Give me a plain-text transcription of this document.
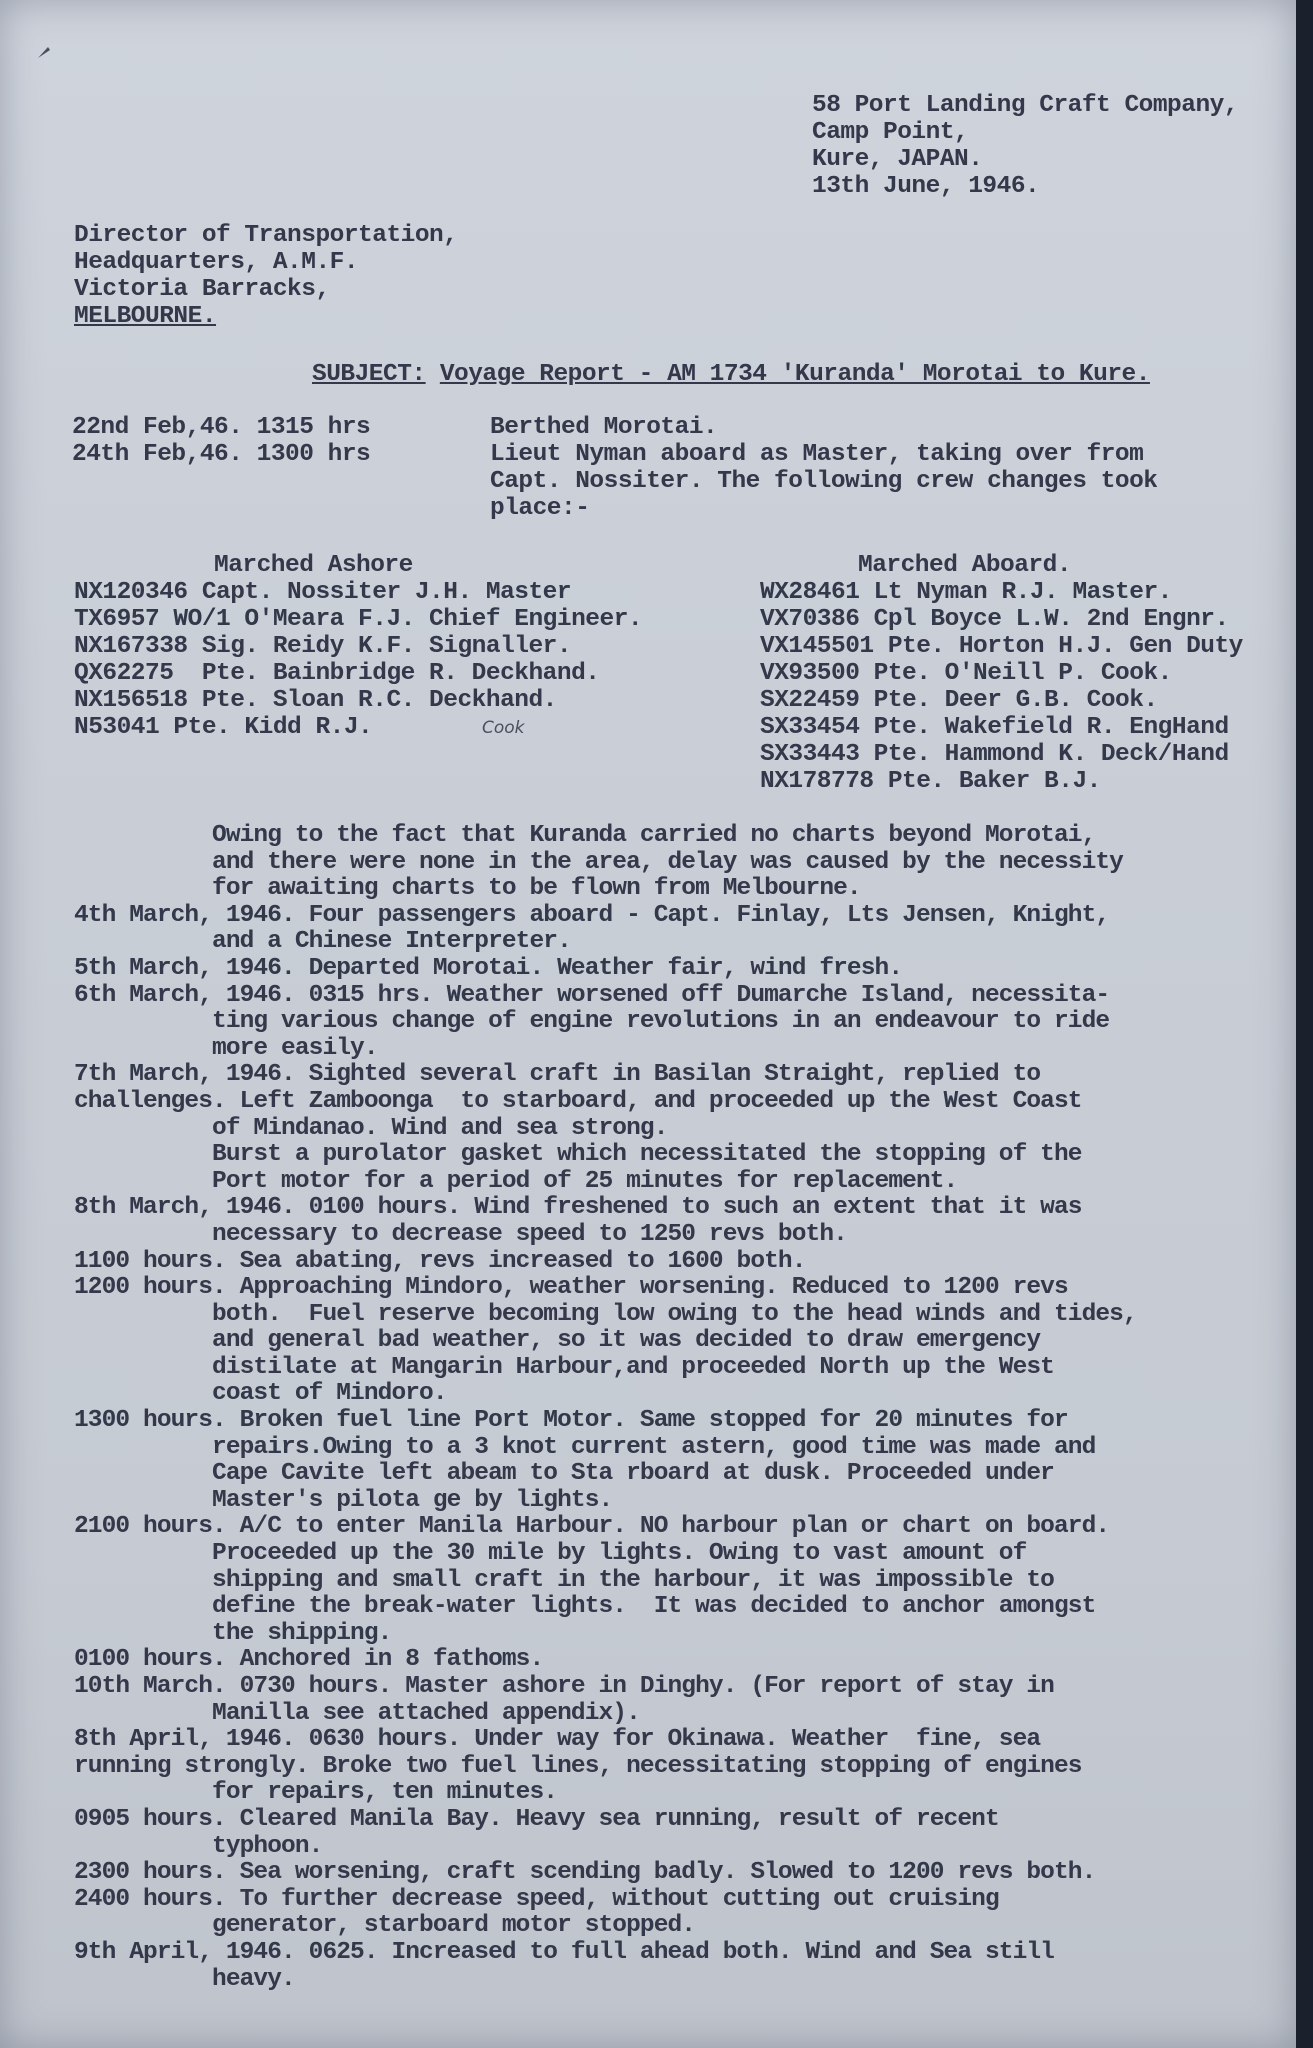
58 Port Landing Craft Company,
Camp Point,
Kure, JAPAN.
13th June, 1946.
Director of Transportation,
Headquarters, A.M.F.
Victoria Barracks,
MELBOURNE.
SUBJECT: Voyage Report - AM 1734 'Kuranda' Morotai to Kure.
22nd Feb,46. 1315 hrs
24th Feb,46. 1300 hrs
Berthed Morotai.
Lieut Nyman aboard as Master, taking over from
Capt. Nossiter. The following crew changes took
place:-
Marched Ashore	Marched Aboard.
NX120346 Capt. Nossiter J.H. Master
TX6957 WO/1 O'Meara F.J. Chief Engineer.
NX167338 Sig. Reidy K.F. Signaller.
QX62275  Pte. Bainbridge R. Deckhand.
NX156518 Pte. Sloan R.C. Deckhand.
N53041 Pte. Kidd R.J.	Cook
WX28461 Lt Nyman R.J. Master.
VX70386 Cpl Boyce L.W. 2nd Engnr.
VX145501 Pte. Horton H.J. Gen Duty
VX93500 Pte. O'Neill P. Cook.
SX22459 Pte. Deer G.B. Cook.
SX33454 Pte. Wakefield R. EngHand
SX33443 Pte. Hammond K. Deck/Hand
NX178778 Pte. Baker B.J.
Owing to the fact that Kuranda carried no charts beyond Morotai,
and there were none in the area, delay was caused by the necessity
for awaiting charts to be flown from Melbourne.
4th March, 1946. Four passengers aboard - Capt. Finlay, Lts Jensen, Knight,
and a Chinese Interpreter.
5th March, 1946. Departed Morotai. Weather fair, wind fresh.
6th March, 1946. 0315 hrs. Weather worsened off Dumarche Island, necessita-
ting various change of engine revolutions in an endeavour to ride
more easily.
7th March, 1946. Sighted several craft in Basilan Straight, replied to
challenges. Left Zamboonga  to starboard, and proceeded up the West Coast
of Mindanao. Wind and sea strong.
Burst a purolator gasket which necessitated the stopping of the
Port motor for a period of 25 minutes for replacement.
8th March, 1946. 0100 hours. Wind freshened to such an extent that it was
necessary to decrease speed to 1250 revs both.
1100 hours. Sea abating, revs increased to 1600 both.
1200 hours. Approaching Mindoro, weather worsening. Reduced to 1200 revs
both.  Fuel reserve becoming low owing to the head winds and tides,
and general bad weather, so it was decided to draw emergency
distilate at Mangarin Harbour,and proceeded North up the West
coast of Mindoro.
1300 hours. Broken fuel line Port Motor. Same stopped for 20 minutes for
repairs.Owing to a 3 knot current astern, good time was made and
Cape Cavite left abeam to Sta rboard at dusk. Proceeded under
Master's pilota ge by lights.
2100 hours. A/C to enter Manila Harbour. NO harbour plan or chart on board.
Proceeded up the 30 mile by lights. Owing to vast amount of
shipping and small craft in the harbour, it was impossible to
define the break-water lights.  It was decided to anchor amongst
the shipping.
0100 hours. Anchored in 8 fathoms.
10th March. 0730 hours. Master ashore in Dinghy. (For report of stay in
Manilla see attached appendix).
8th April, 1946. 0630 hours. Under way for Okinawa. Weather  fine, sea
running strongly. Broke two fuel lines, necessitating stopping of engines
for repairs, ten minutes.
0905 hours. Cleared Manila Bay. Heavy sea running, result of recent
typhoon.
2300 hours. Sea worsening, craft scending badly. Slowed to 1200 revs both.
2400 hours. To further decrease speed, without cutting out cruising
generator, starboard motor stopped.
9th April, 1946. 0625. Increased to full ahead both. Wind and Sea still
heavy.
